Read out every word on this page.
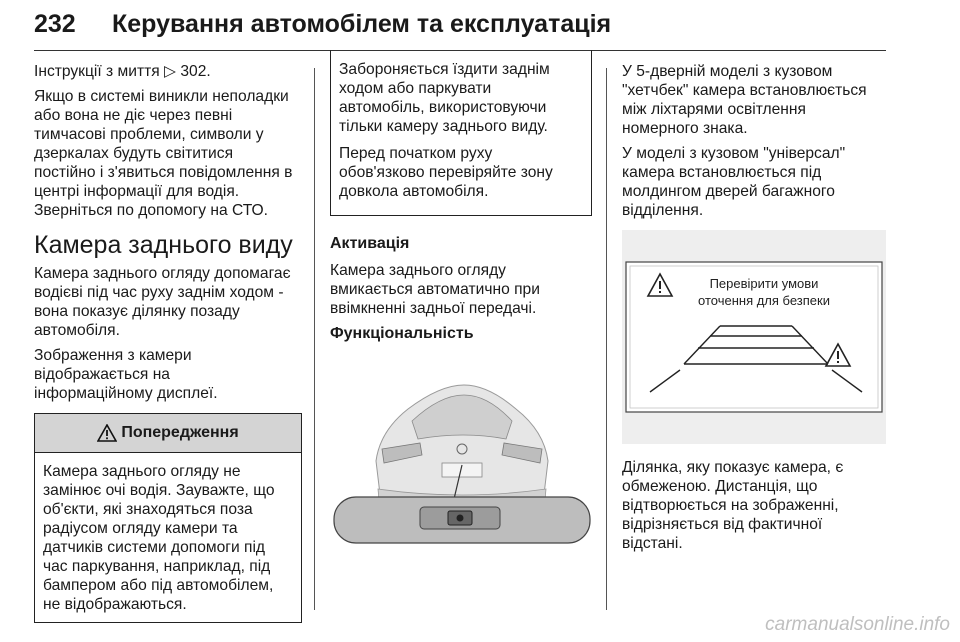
232 Керування автомобілем та експлуатація

Інструкції з миття ▷ 302.

Якщо в системі виникли неполадки
або вона не діє через певні
тимчасові проблеми, символи у
дзеркалах будуть світитися
постійно і з'явиться повідомлення в
центрі інформації для водія.
Зверніться по допомогу на СТО.

Камера заднього виду

Камера заднього огляду допомагає
водієві під час руху заднім ходом -
вона показує ділянку позаду
автомобіля.

Зображення з камери
відображається на
інформаційному дисплеї.

Попередження

Камера заднього огляду не
замінює очі водія. Зауважте, що
об'єкти, які знаходяться поза
радіусом огляду камери та
датчиків системи допомоги під
час паркування, наприклад, під
бампером або під автомобілем,
не відображаються.

Забороняється їздити заднім
ходом або паркувати
автомобіль, використовуючи
тільки камеру заднього виду.

Перед початком руху
обов'язково перевіряйте зону
довкола автомобіля.

Активація

Камера заднього огляду
вмикається автоматично при
ввімкненні задньої передачі.

Функціональність

У 5-дверній моделі з кузовом
"хетчбек" камера встановлюється
між ліхтарями освітлення
номерного знака.

У моделі з кузовом "універсал"
камера встановлюється під
молдингом дверей багажного
відділення.

Перевірити умови
оточення для безпеки

Ділянка, яку показує камера, є
обмеженою. Дистанція, що
відтворюється на зображенні,
відрізняється від фактичної
відстані.

carmanualsonline.info
